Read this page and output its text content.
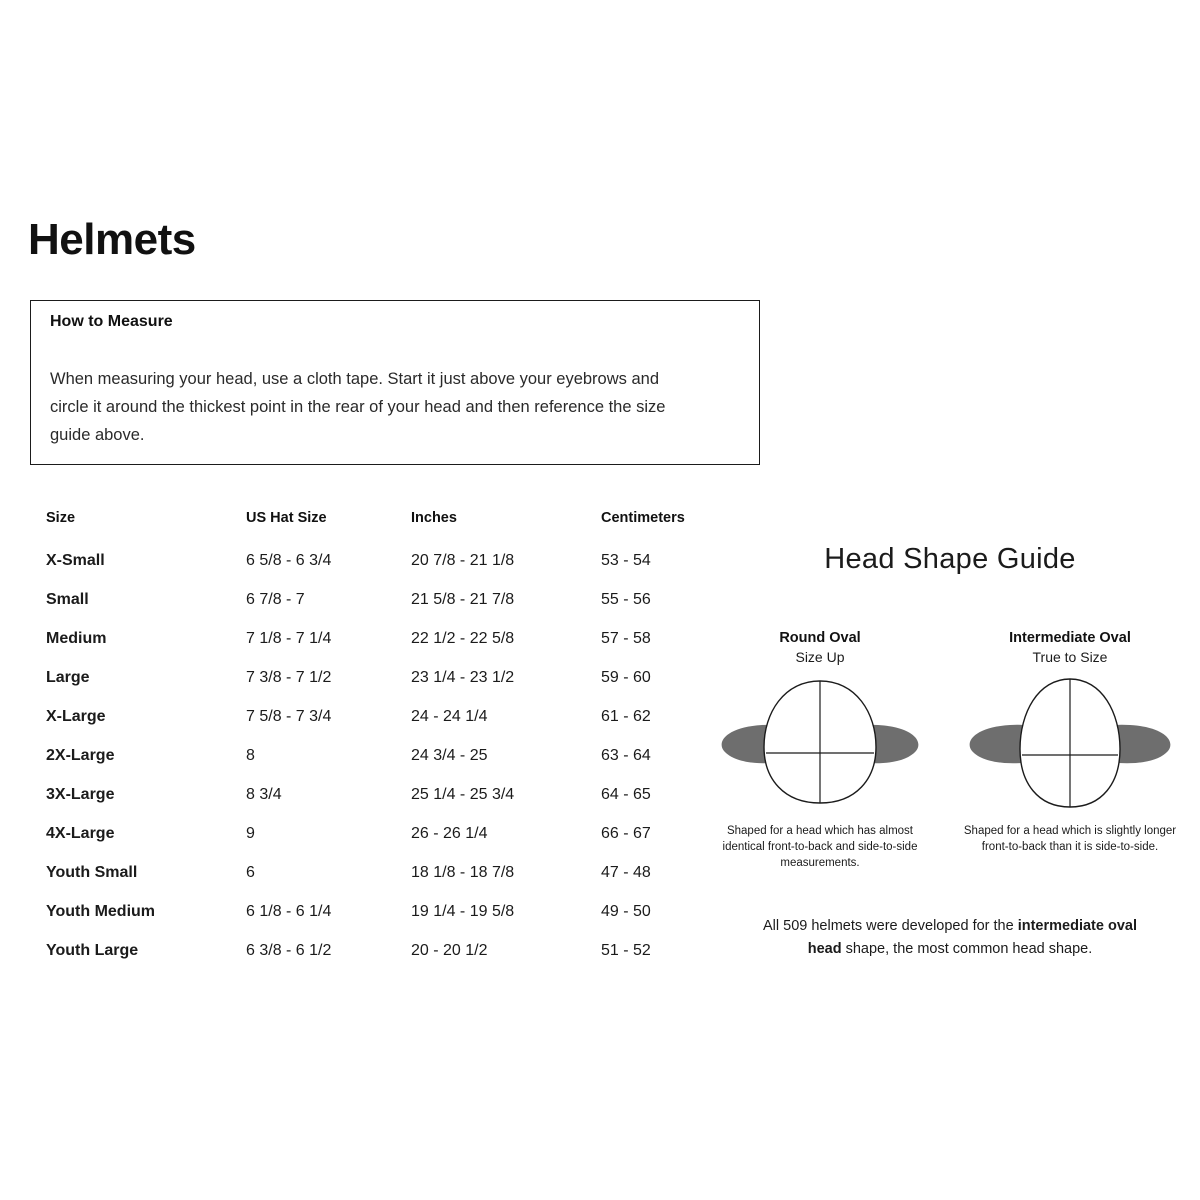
Helmets
How to Measure
When measuring your head, use a cloth tape. Start it just above your eyebrows and circle it around the thickest point in the rear of your head and then reference the size guide above.
Size	US Hat Size	Inches	Centimeters
X-Small	6 5/8 - 6 3/4	20 7/8 - 21 1/8	53 - 54
Small	6 7/8 - 7	21 5/8 - 21 7/8	55 - 56
Medium	7 1/8 - 7 1/4	22 1/2 - 22 5/8	57 - 58
Large	7 3/8 - 7 1/2	23 1/4 - 23 1/2	59 - 60
X-Large	7 5/8 - 7 3/4	24 - 24 1/4	61 - 62
2X-Large	8	24 3/4 - 25	63 - 64
3X-Large	8 3/4	25 1/4 - 25 3/4	64 - 65
4X-Large	9	26 - 26 1/4	66 - 67
Youth Small	6	18 1/8 - 18 7/8	47 - 48
Youth Medium	6 1/8 - 6 1/4	19 1/4 - 19 5/8	49 - 50
Youth Large	6 3/8 - 6 1/2	20 - 20 1/2	51 - 52
Head Shape Guide
Round Oval
Size Up
Shaped for a head which has almost identical front-to-back and side-to-side measurements.
Intermediate Oval
True to Size
Shaped for a head which is slightly longer front-to-back than it is side-to-side.
All 509 helmets were developed for the intermediate oval head shape, the most common head shape.
